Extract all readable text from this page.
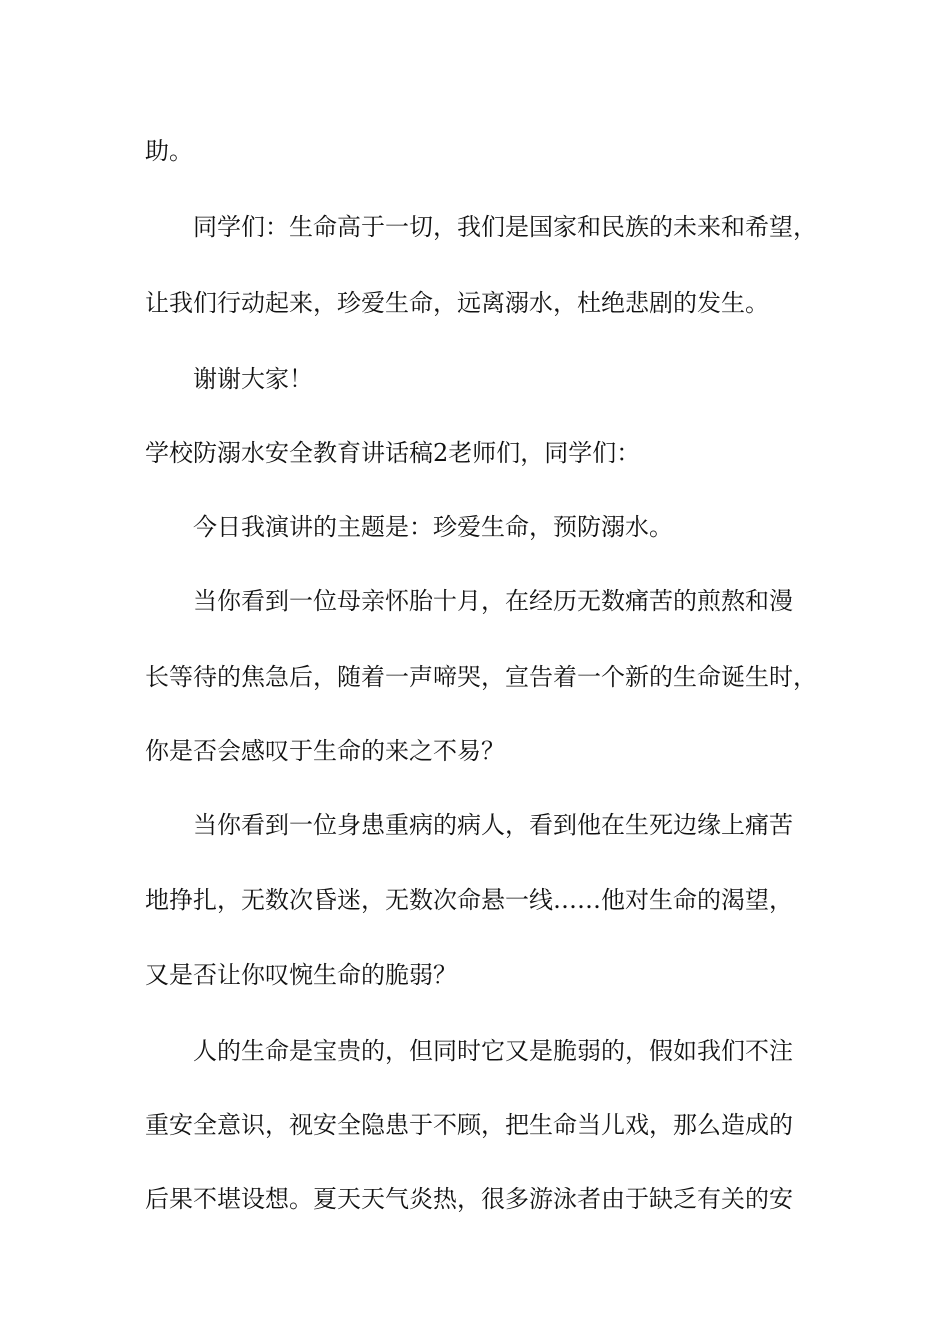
助。
同学们：生命高于一切，我们是国家和民族的未来和希望，
让我们行动起来，珍爱生命，远离溺水，杜绝悲剧的发生。
谢谢大家！
学校防溺水安全教育讲话稿2老师们，同学们：
今日我演讲的主题是：珍爱生命，预防溺水。
当你看到一位母亲怀胎十月，在经历无数痛苦的煎熬和漫
长等待的焦急后，随着一声啼哭，宣告着一个新的生命诞生时，
你是否会感叹于生命的来之不易？
当你看到一位身患重病的病人，看到他在生死边缘上痛苦
地挣扎，无数次昏迷，无数次命悬一线……他对生命的渴望，
又是否让你叹惋生命的脆弱？
人的生命是宝贵的，但同时它又是脆弱的，假如我们不注
重安全意识，视安全隐患于不顾，把生命当儿戏，那么造成的
后果不堪设想。夏天天气炎热，很多游泳者由于缺乏有关的安
